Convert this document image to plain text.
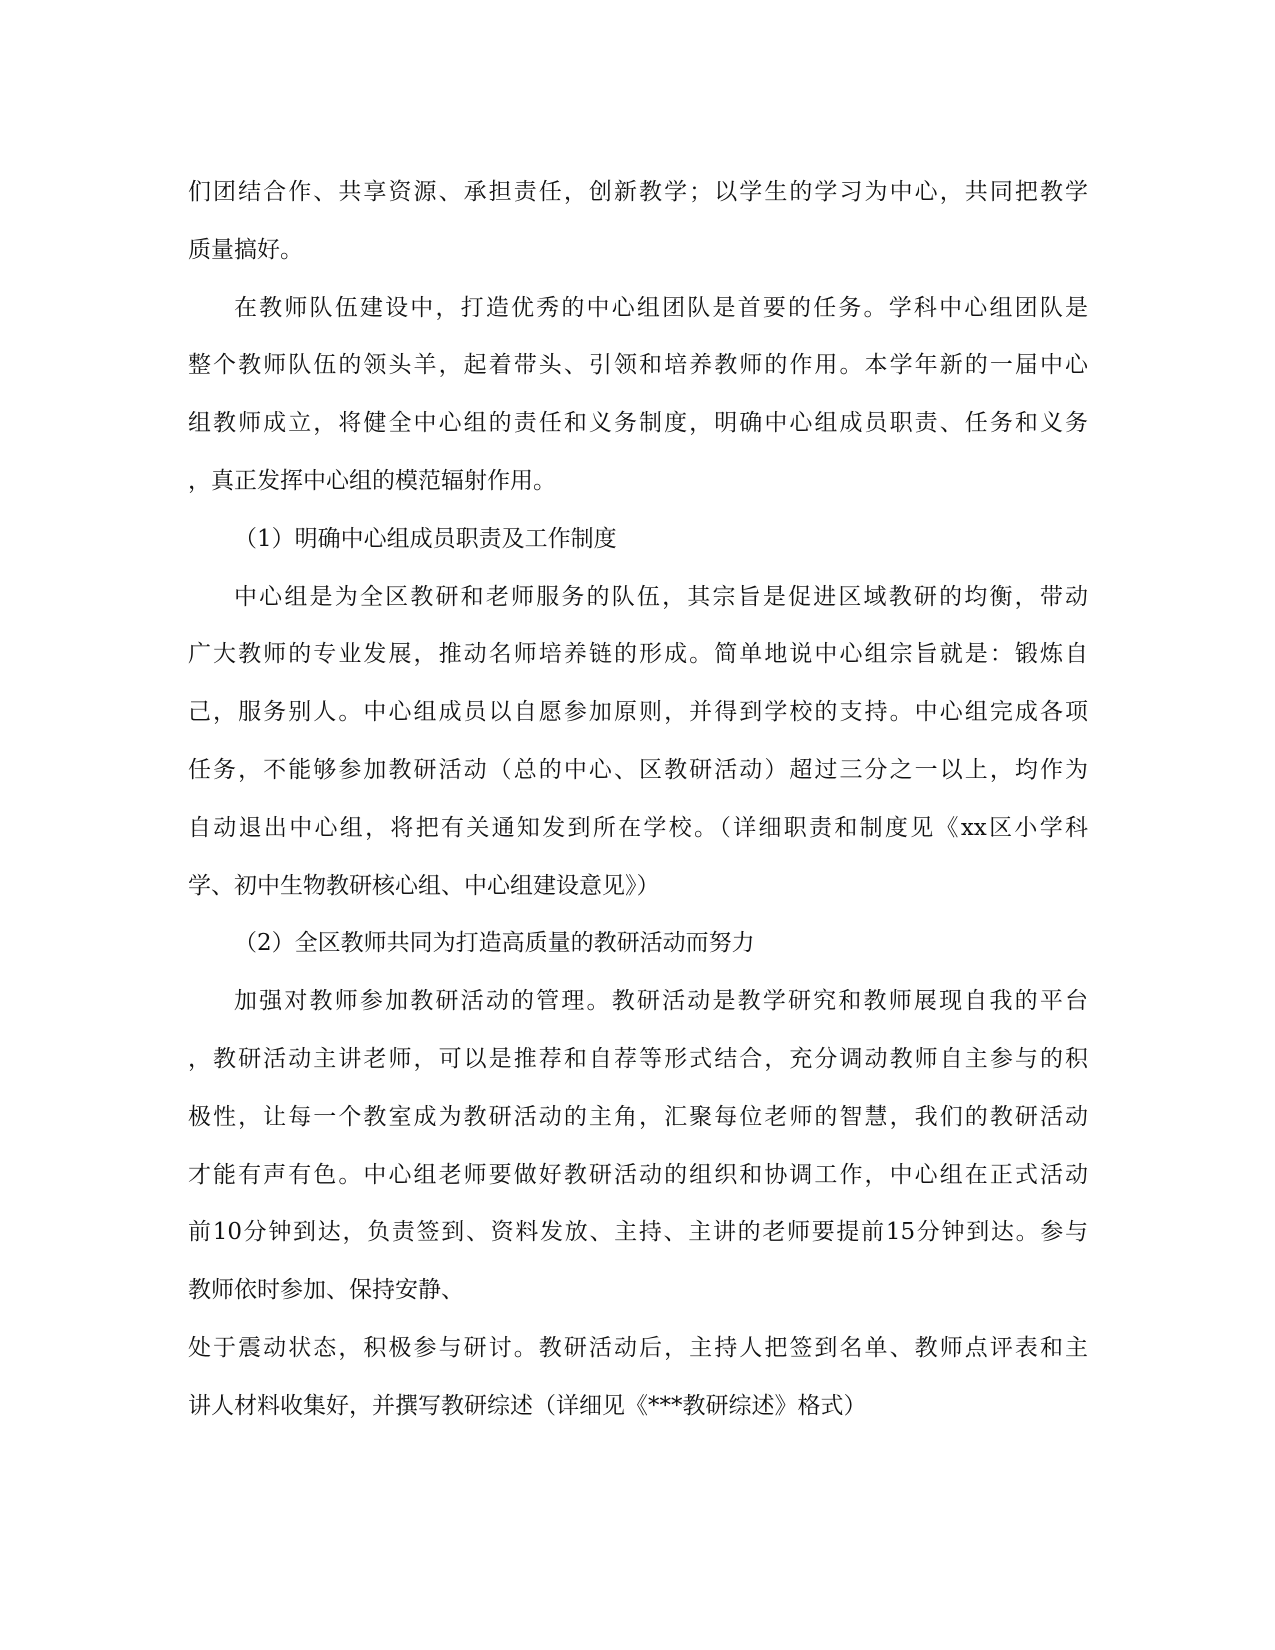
们团结合作、共享资源、承担责任，创新教学；以学生的学习为中心，共同把教学
质量搞好。
在教师队伍建设中，打造优秀的中心组团队是首要的任务。学科中心组团队是
整个教师队伍的领头羊，起着带头、引领和培养教师的作用。本学年新的一届中心
组教师成立，将健全中心组的责任和义务制度，明确中心组成员职责、任务和义务
，真正发挥中心组的模范辐射作用。
（1）明确中心组成员职责及工作制度
中心组是为全区教研和老师服务的队伍，其宗旨是促进区域教研的均衡，带动
广大教师的专业发展，推动名师培养链的形成。简单地说中心组宗旨就是：锻炼自
己，服务别人。中心组成员以自愿参加原则，并得到学校的支持。中心组完成各项
任务，不能够参加教研活动（总的中心、区教研活动）超过三分之一以上，均作为
自动退出中心组，将把有关通知发到所在学校。（详细职责和制度见《xx区小学科
学、初中生物教研核心组、中心组建设意见》）
（2）全区教师共同为打造高质量的教研活动而努力
加强对教师参加教研活动的管理。教研活动是教学研究和教师展现自我的平台
，教研活动主讲老师，可以是推荐和自荐等形式结合，充分调动教师自主参与的积
极性，让每一个教室成为教研活动的主角，汇聚每位老师的智慧，我们的教研活动
才能有声有色。中心组老师要做好教研活动的组织和协调工作，中心组在正式活动
前10分钟到达，负责签到、资料发放、主持、主讲的老师要提前15分钟到达。参与
教师依时参加、保持安静、
处于震动状态，积极参与研讨。教研活动后，主持人把签到名单、教师点评表和主
讲人材料收集好，并撰写教研综述（详细见《***教研综述》格式）
